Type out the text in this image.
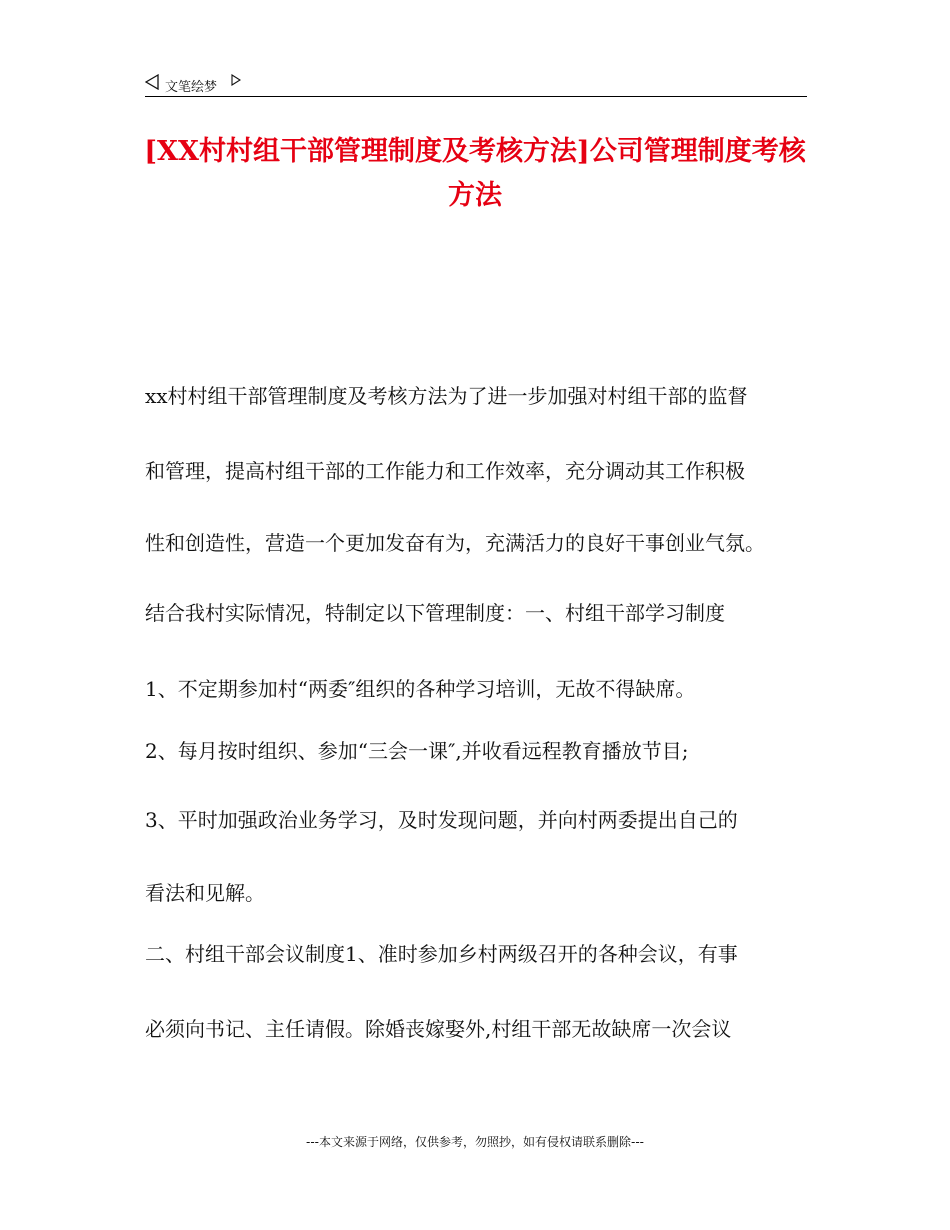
文笔绘梦
[XX村村组干部管理制度及考核方法]公司管理制度考核方法
xx村村组干部管理制度及考核方法为了进一步加强对村组干部的监督
和管理，提高村组干部的工作能力和工作效率，充分调动其工作积极
性和创造性，营造一个更加发奋有为，充满活力的良好干事创业气氛。
结合我村实际情况，特制定以下管理制度：一、村组干部学习制度
1、不定期参加村“两委″组织的各种学习培训，无故不得缺席。
2、每月按时组织、参加“三会一课″,并收看远程教育播放节目;
3、平时加强政治业务学习，及时发现问题，并向村两委提出自己的
看法和见解。
二、村组干部会议制度1、准时参加乡村两级召开的各种会议，有事
必须向书记、主任请假。除婚丧嫁娶外,村组干部无故缺席一次会议
---本文来源于网络，仅供参考，勿照抄，如有侵权请联系删除---
